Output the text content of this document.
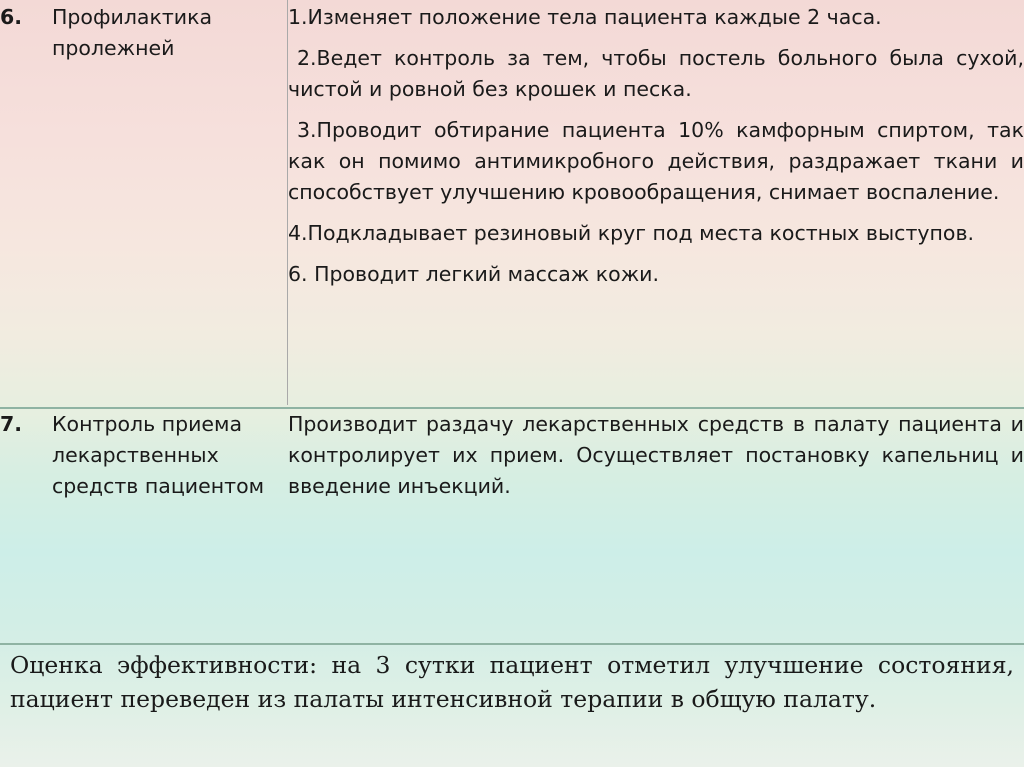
6.	Профилактика пролежней	1.Изменяет положение тела пациента каждые 2 часа.

2.Ведет контроль за тем, чтобы постель больного была сухой, чистой и ровной без крошек и песка.

3.Проводит обтирание пациента 10% камфорным спиртом, так как он помимо антимикробного действия, раздражает ткани и способствует улучшению кровообращения, снимает воспаление.

4.Подкладывает резиновый круг под места костных выступов.

6. Проводит легкий массаж кожи.

7.	Контроль приема лекарственных средств пациентом	Производит раздачу лекарственных средств в палату пациента и контролирует их прием. Осуществляет постановку капельниц и введение инъекций.

Оценка эффективности: на 3 сутки пациент отметил улучшение состояния, пациент переведен из палаты интенсивной терапии в общую палату.
